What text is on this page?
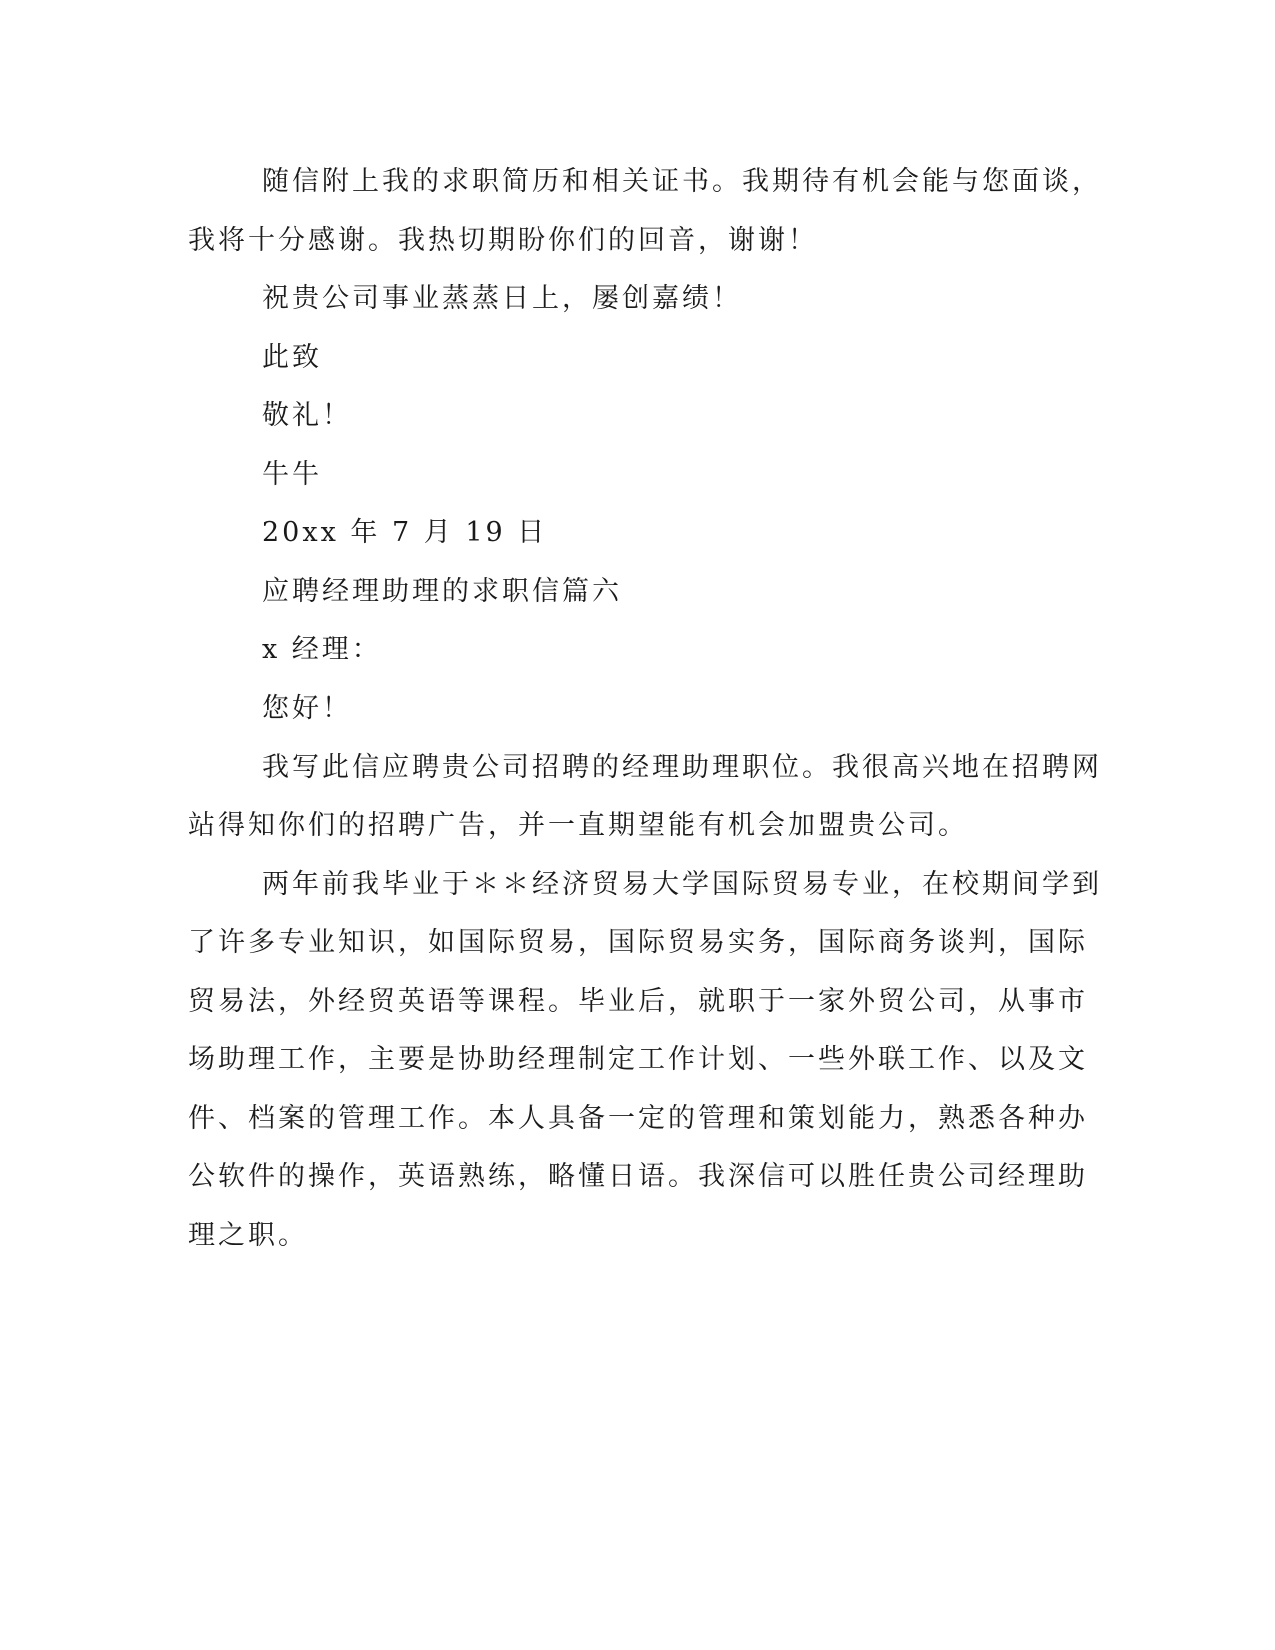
随信附上我的求职简历和相关证书。我期待有机会能与您面谈，
我将十分感谢。我热切期盼你们的回音，谢谢！
祝贵公司事业蒸蒸日上，屡创嘉绩！
此致
敬礼！
牛牛
20xx 年 7 月 19 日
应聘经理助理的求职信篇六
x 经理：
您好！
我写此信应聘贵公司招聘的经理助理职位。我很高兴地在招聘网
站得知你们的招聘广告，并一直期望能有机会加盟贵公司。
两年前我毕业于＊＊经济贸易大学国际贸易专业，在校期间学到
了许多专业知识，如国际贸易，国际贸易实务，国际商务谈判，国际
贸易法，外经贸英语等课程。毕业后，就职于一家外贸公司，从事市
场助理工作，主要是协助经理制定工作计划、一些外联工作、以及文
件、档案的管理工作。本人具备一定的管理和策划能力，熟悉各种办
公软件的操作，英语熟练，略懂日语。我深信可以胜任贵公司经理助
理之职。
